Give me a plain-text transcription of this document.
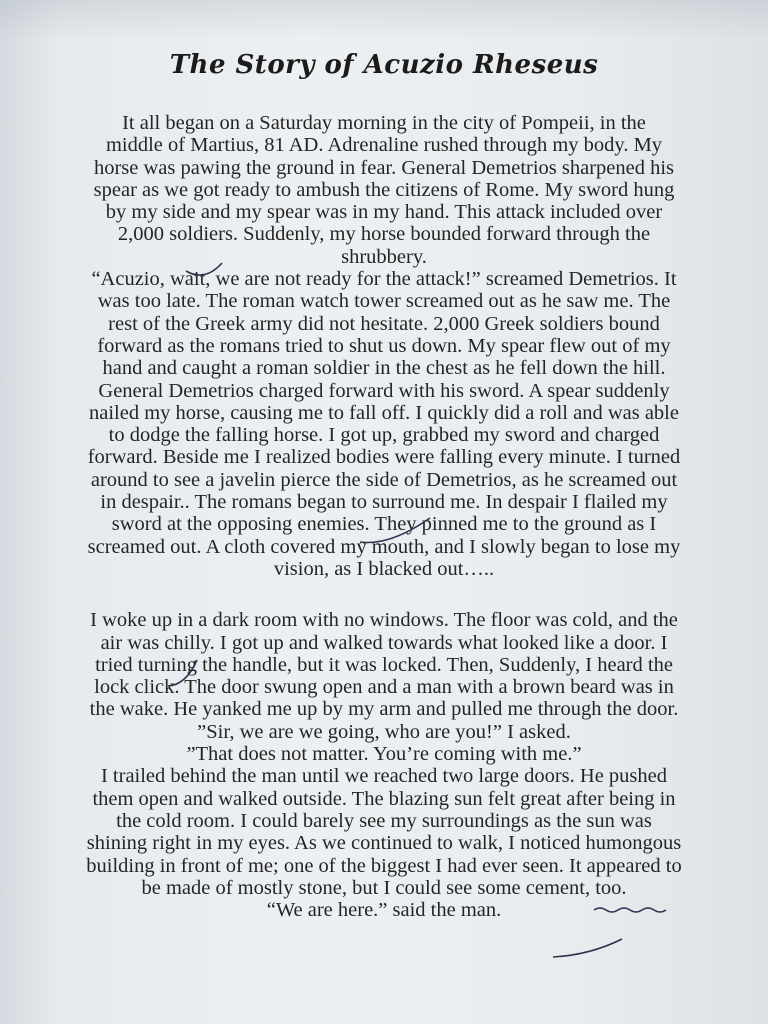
The Story of Acuzio Rheseus
It all began on a Saturday morning in the city of Pompeii, in the
middle of Martius, 81 AD. Adrenaline rushed through my body. My
horse was pawing the ground in fear. General Demetrios sharpened his
spear as we got ready to ambush the citizens of Rome. My sword hung
by my side and my spear was in my hand. This attack included over
2,000 soldiers. Suddenly, my horse bounded forward through the
shrubbery.
“Acuzio, wait, we are not ready for the attack!” screamed Demetrios. It
was too late. The roman watch tower screamed out as he saw me. The
rest of the Greek army did not hesitate. 2,000 Greek soldiers bound
forward as the romans tried to shut us down. My spear flew out of my
hand and caught a roman soldier in the chest as he fell down the hill.
General Demetrios charged forward with his sword. A spear suddenly
nailed my horse, causing me to fall off. I quickly did a roll and was able
to dodge the falling horse. I got up, grabbed my sword and charged
forward. Beside me I realized bodies were falling every minute. I turned
around to see a javelin pierce the side of Demetrios, as he screamed out
in despair.. The romans began to surround me. In despair I flailed my
sword at the opposing enemies. They pinned me to the ground as I
screamed out. A cloth covered my mouth, and I slowly began to lose my
vision, as I blacked out…..
I woke up in a dark room with no windows. The floor was cold, and the
air was chilly. I got up and walked towards what looked like a door. I
tried turning the handle, but it was locked. Then, Suddenly, I heard the
lock click. The door swung open and a man with a brown beard was in
the wake. He yanked me up by my arm and pulled me through the door.
”Sir, we are we going, who are you!” I asked.
”That does not matter. You’re coming with me.”
I trailed behind the man until we reached two large doors. He pushed
them open and walked outside. The blazing sun felt great after being in
the cold room. I could barely see my surroundings as the sun was
shining right in my eyes. As we continued to walk, I noticed humongous
building in front of me; one of the biggest I had ever seen. It appeared to
be made of mostly stone, but I could see some cement, too.
“We are here.” said the man.
